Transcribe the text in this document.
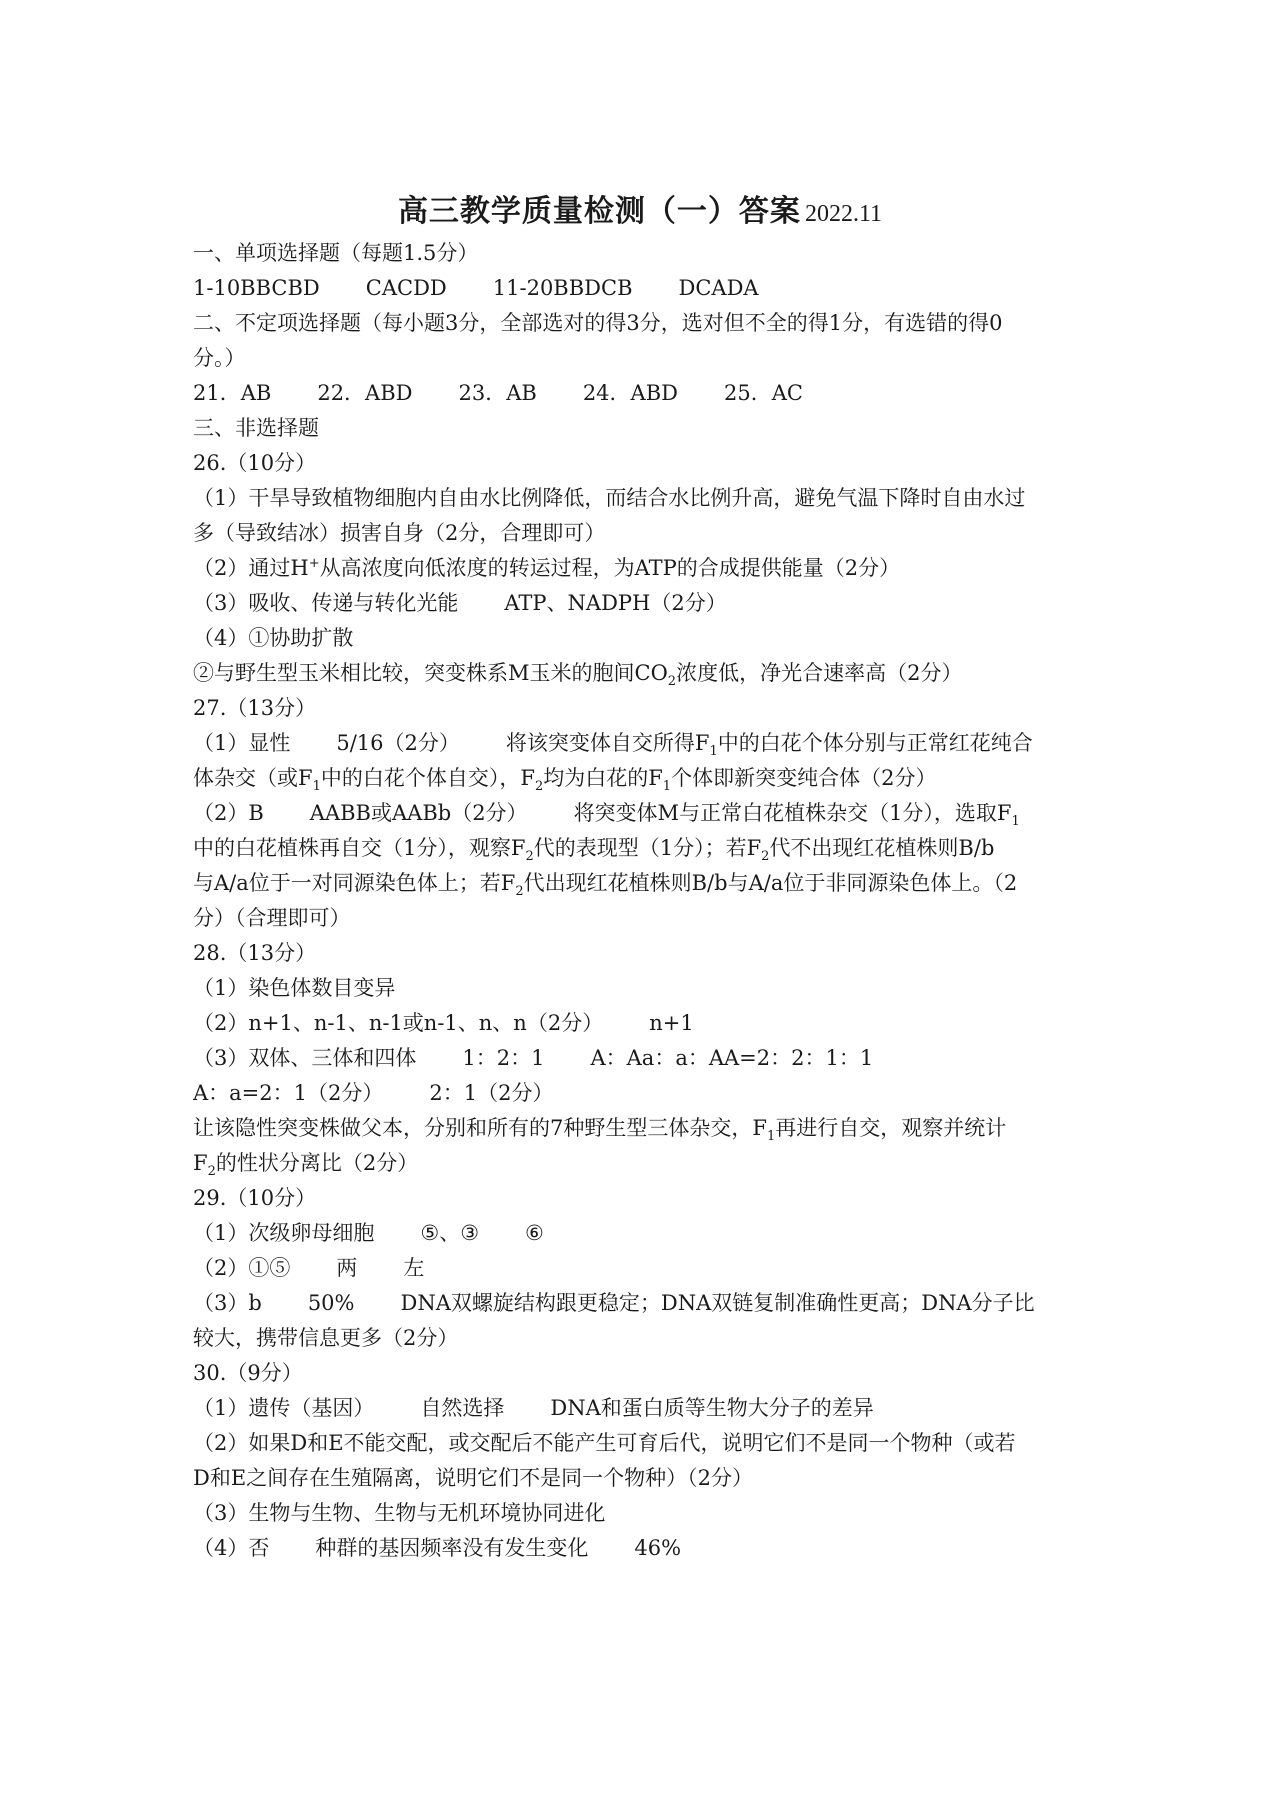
高三教学质量检测（一）答案 2022.11
一、单项选择题（每题1.5分）
1-10BBCBD CACDD 11-20BBDCB DCADA
二、不定项选择题（每小题3分，全部选对的得3分，选对但不全的得1分，有选错的得0
分。）
21．AB 22．ABD 23．AB 24．ABD 25．AC
三、非选择题
26.（10分）
（1）干旱导致植物细胞内自由水比例降低，而结合水比例升高，避免气温下降时自由水过
多（导致结冰）损害自身（2分，合理即可）
（2）通过H+从高浓度向低浓度的转运过程，为ATP的合成提供能量（2分）
（3）吸收、传递与转化光能 ATP、NADPH（2分）
（4）①协助扩散
②与野生型玉米相比较，突变株系M玉米的胞间$CO_2$浓度低，净光合速率高（2分）
27.（13分）
（1）显性 5/16（2分） 将该突变体自交所得$F_1$中的白花个体分别与正常红花纯合
体杂交（或$F_1$中的白花个体自交），$F_2$均为白花的$F_1$个体即新突变纯合体（2分）
（2）B AABB或AABb（2分） 将突变体M与正常白花植株杂交（1分），选取$F_1$
中的白花植株再自交（1分），观察$F_2$代的表现型（1分）；若$F_2$代不出现红花植株则B/b
与A/a位于一对同源染色体上；若$F_2$代出现红花植株则B/b与A/a位于非同源染色体上。（2
分）（合理即可）
28.（13分）
（1）染色体数目变异
（2）n+1、n-1、n-1或n-1、n、n（2分） n+1
（3）双体、三体和四体 1：2：1 A：Aa：a：AA=2：2：1：1
A：a=2：1（2分） 2：1（2分）
让该隐性突变株做父本，分别和所有的7种野生型三体杂交，$F_1$再进行自交，观察并统计
$F_2$的性状分离比（2分）
29.（10分）
（1）次级卵母细胞 ⑤、③ ⑥
（2）①⑤ 两 左
（3）b 50% DNA双螺旋结构跟更稳定；DNA双链复制准确性更高；DNA分子比
较大，携带信息更多（2分）
30.（9分）
（1）遗传（基因） 自然选择 DNA和蛋白质等生物大分子的差异
（2）如果D和E不能交配，或交配后不能产生可育后代，说明它们不是同一个物种（或若
D和E之间存在生殖隔离，说明它们不是同一个物种）（2分）
（3）生物与生物、生物与无机环境协同进化
（4）否 种群的基因频率没有发生变化 46%
